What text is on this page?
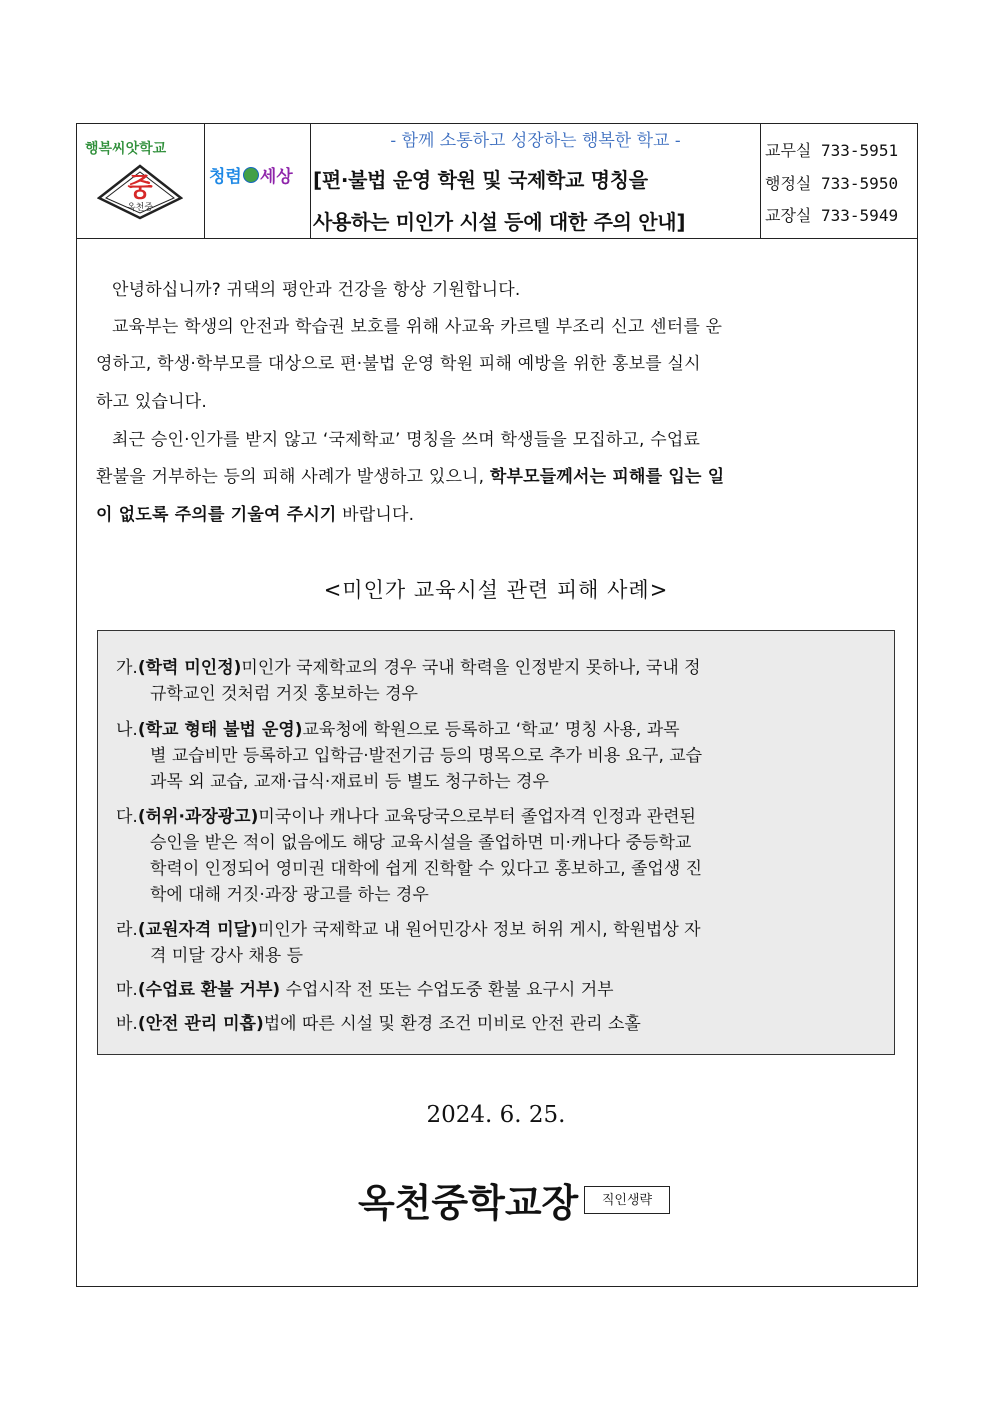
행복씨앗학교
중
옥천중
청렴 세상
- 함께 소통하고 성장하는 행복한 학교 -
[편·불법 운영 학원 및 국제학교 명칭을
사용하는 미인가 시설 등에 대한 주의 안내]
교무실 733-5951
행정실 733-5950
교장실 733-5949
안녕하십니까? 귀댁의 평안과 건강을 항상 기원합니다.
교육부는 학생의 안전과 학습권 보호를 위해 사교육 카르텔 부조리 신고 센터를 운
영하고, 학생·학부모를 대상으로 편·불법 운영 학원 피해 예방을 위한 홍보를 실시
하고 있습니다.
최근 승인·인가를 받지 않고 ‘국제학교’ 명칭을 쓰며 학생들을 모집하고, 수업료
환불을 거부하는 등의 피해 사례가 발생하고 있으니, 학부모들께서는 피해를 입는 일
이 없도록 주의를 기울여 주시기 바랍니다.
<미인가 교육시설 관련 피해 사례>
가.(학력 미인정)미인가 국제학교의 경우 국내 학력을 인정받지 못하나, 국내 정
규학교인 것처럼 거짓 홍보하는 경우
나.(학교 형태 불법 운영)교육청에 학원으로 등록하고 ‘학교’ 명칭 사용, 과목
별 교습비만 등록하고 입학금·발전기금 등의 명목으로 추가 비용 요구, 교습
과목 외 교습, 교재·급식·재료비 등 별도 청구하는 경우
다.(허위·과장광고)미국이나 캐나다 교육당국으로부터 졸업자격 인정과 관련된
승인을 받은 적이 없음에도 해당 교육시설을 졸업하면 미·캐나다 중등학교
학력이 인정되어 영미권 대학에 쉽게 진학할 수 있다고 홍보하고, 졸업생 진
학에 대해 거짓·과장 광고를 하는 경우
라.(교원자격 미달)미인가 국제학교 내 원어민강사 정보 허위 게시, 학원법상 자
격 미달 강사 채용 등
마.(수업료 환불 거부) 수업시작 전 또는 수업도중 환불 요구시 거부
바.(안전 관리 미흡)법에 따른 시설 및 환경 조건 미비로 안전 관리 소홀
2024. 6. 25.
옥천중학교장	직인생략
